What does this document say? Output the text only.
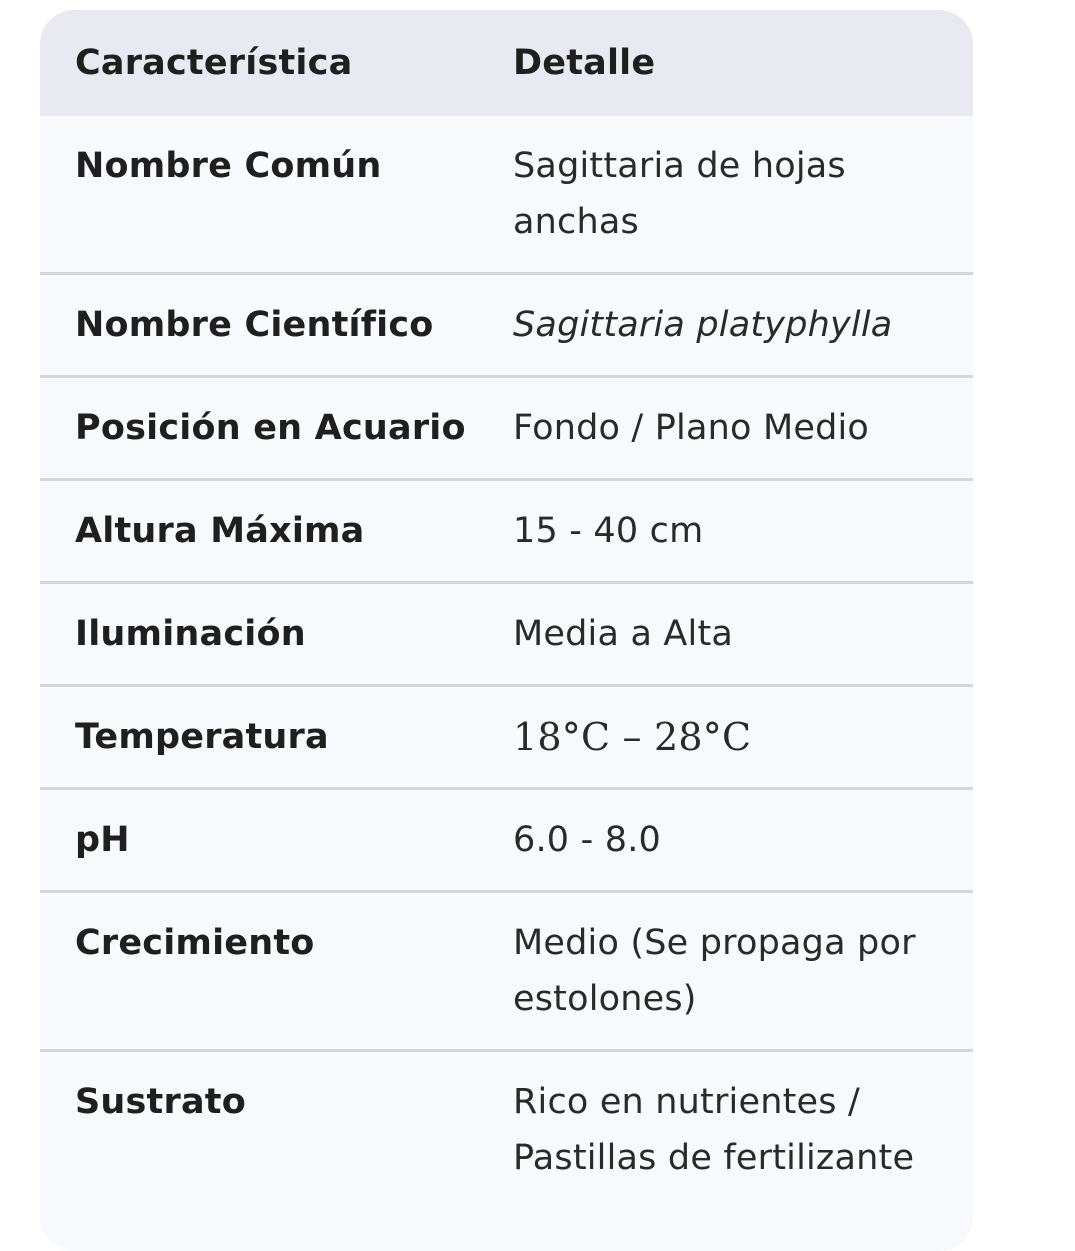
Característica	Detalle
Nombre Común	Sagittaria de hojas anchas
Nombre Científico	Sagittaria platyphylla
Posición en Acuario	Fondo / Plano Medio
Altura Máxima	15 - 40 cm
Iluminación	Media a Alta
Temperatura	18°C – 28°C
pH	6.0 - 8.0
Crecimiento	Medio (Se propaga por estolones)
Sustrato	Rico en nutrientes / Pastillas de fertilizante
